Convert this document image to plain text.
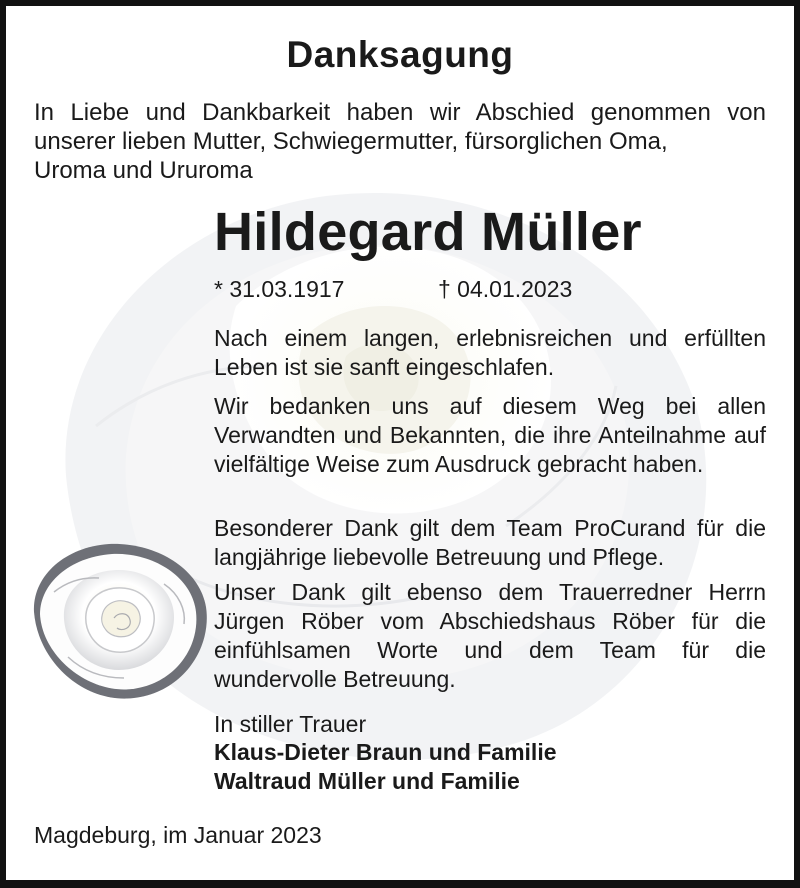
Danksagung
In Liebe und Dankbarkeit haben wir Abschied genommen von unserer lieben Mutter, Schwiegermutter, fürsorglichen Oma,
Uroma und Ururoma
Hildegard Müller
* 31.03.1917	† 04.01.2023
Nach einem langen, erlebnisreichen und erfüllten Leben ist sie sanft eingeschlafen.
Wir bedanken uns auf diesem Weg bei allen Verwandten und Bekannten, die ihre Anteilnahme auf vielfältige Weise zum Ausdruck gebracht haben.
Besonderer Dank gilt dem Team ProCurand für die langjährige liebevolle Betreuung und Pflege.
Unser Dank gilt ebenso dem Trauerredner Herrn Jürgen Röber vom Abschiedshaus Röber für die einfühlsamen Worte und dem Team für die wundervolle Betreuung.
In stiller Trauer
Klaus-Dieter Braun und Familie
Waltraud Müller und Familie
Magdeburg, im Januar 2023
